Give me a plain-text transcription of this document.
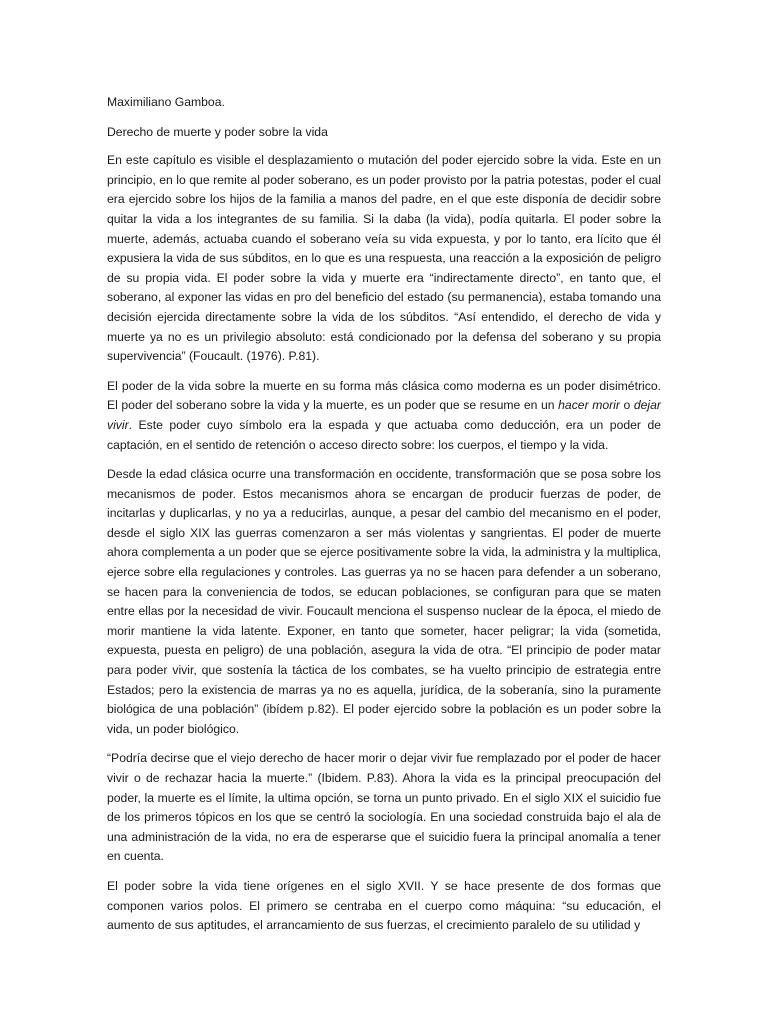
Maximiliano Gamboa.

Derecho de muerte y poder sobre la vida

En este capítulo es visible el desplazamiento o mutación del poder ejercido sobre la vida. Este en un principio, en lo que remite al poder soberano, es un poder provisto por la patria potestas, poder el cual era ejercido sobre los hijos de la familia a manos del padre, en el que este disponía de decidir sobre quitar la vida a los integrantes de su familia. Si la daba (la vida), podía quitarla. El poder sobre la muerte, además, actuaba cuando el soberano veía su vida expuesta, y por lo tanto, era lícito que él expusiera la vida de sus súbditos, en lo que es una respuesta, una reacción a la exposición de peligro de su propia vida. El poder sobre la vida y muerte era “indirectamente directo”, en tanto que, el soberano, al exponer las vidas en pro del beneficio del estado (su permanencia), estaba tomando una decisión ejercida directamente sobre la vida de los súbditos. “Así entendido, el derecho de vida y muerte ya no es un privilegio absoluto: está condicionado por la defensa del soberano y su propia supervivencia” (Foucault. (1976). P.81).

El poder de la vida sobre la muerte en su forma más clásica como moderna es un poder disimétrico. El poder del soberano sobre la vida y la muerte, es un poder que se resume en un hacer morir o dejar vivir. Este poder cuyo símbolo era la espada y que actuaba como deducción, era un poder de captación, en el sentido de retención o acceso directo sobre: los cuerpos, el tiempo y la vida.

Desde la edad clásica ocurre una transformación en occidente, transformación que se posa sobre los mecanismos de poder. Estos mecanismos ahora se encargan de producir fuerzas de poder, de incitarlas y duplicarlas, y no ya a reducirlas, aunque, a pesar del cambio del mecanismo en el poder, desde el siglo XIX las guerras comenzaron a ser más violentas y sangrientas. El poder de muerte ahora complementa a un poder que se ejerce positivamente sobre la vida, la administra y la multiplica, ejerce sobre ella regulaciones y controles. Las guerras ya no se hacen para defender a un soberano, se hacen para la conveniencia de todos, se educan poblaciones, se configuran para que se maten entre ellas por la necesidad de vivir. Foucault menciona el suspenso nuclear de la época, el miedo de morir mantiene la vida latente. Exponer, en tanto que someter, hacer peligrar; la vida (sometida, expuesta, puesta en peligro) de una población, asegura la vida de otra. “El principio de poder matar para poder vivir, que sostenía la táctica de los combates, se ha vuelto principio de estrategia entre Estados; pero la existencia de marras ya no es aquella, jurídica, de la soberanía, sino la puramente biológica de una población” (ibídem p.82). El poder ejercido sobre la población es un poder sobre la vida, un poder biológico.

“Podría decirse que el viejo derecho de hacer morir o dejar vivir fue remplazado por el poder de hacer vivir o de rechazar hacia la muerte.” (Ibidem. P.83). Ahora la vida es la principal preocupación del poder, la muerte es el límite, la ultima opción, se torna un punto privado. En el siglo XIX el suicidio fue de los primeros tópicos en los que se centró la sociología. En una sociedad construida bajo el ala de una administración de la vida, no era de esperarse que el suicidio fuera la principal anomalía a tener en cuenta.

El poder sobre la vida tiene orígenes en el siglo XVII. Y se hace presente de dos formas que componen varios polos. El primero se centraba en el cuerpo como máquina: “su educación, el aumento de sus aptitudes, el arrancamiento de sus fuerzas, el crecimiento paralelo de su utilidad y
